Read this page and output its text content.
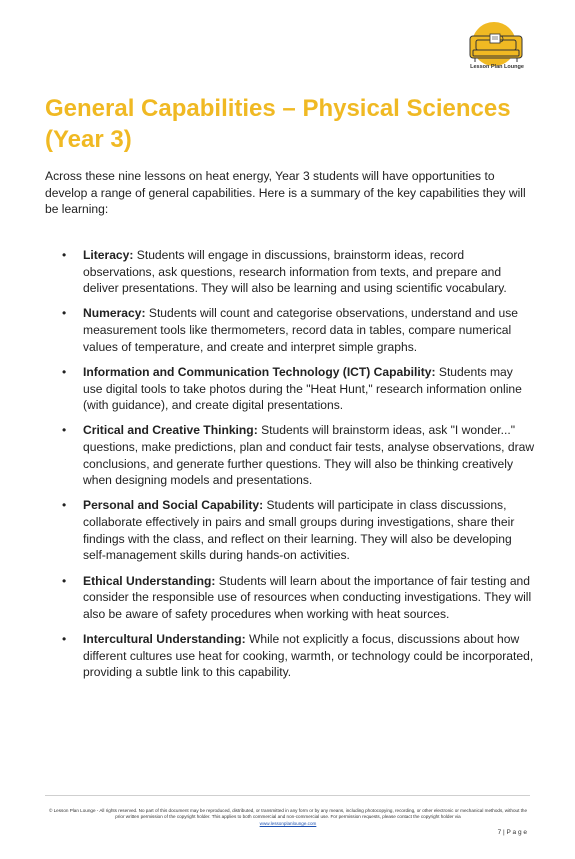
Lesson Plan Lounge
General Capabilities – Physical Sciences (Year 3)

Across these nine lessons on heat energy, Year 3 students will have opportunities to develop a range of general capabilities. Here is a summary of the key capabilities they will be learning:

• Literacy: Students will engage in discussions, brainstorm ideas, record observations, ask questions, research information from texts, and prepare and deliver presentations. They will also be learning and using scientific vocabulary.
• Numeracy: Students will count and categorise observations, understand and use measurement tools like thermometers, record data in tables, compare numerical values of temperature, and create and interpret simple graphs.
• Information and Communication Technology (ICT) Capability: Students may use digital tools to take photos during the "Heat Hunt," research information online (with guidance), and create digital presentations.
• Critical and Creative Thinking: Students will brainstorm ideas, ask "I wonder..." questions, make predictions, plan and conduct fair tests, analyse observations, draw conclusions, and generate further questions. They will also be thinking creatively when designing models and presentations.
• Personal and Social Capability: Students will participate in class discussions, collaborate effectively in pairs and small groups during investigations, share their findings with the class, and reflect on their learning. They will also be developing self-management skills during hands-on activities.
• Ethical Understanding: Students will learn about the importance of fair testing and consider the responsible use of resources when conducting investigations. They will also be aware of safety procedures when working with heat sources.
• Intercultural Understanding: While not explicitly a focus, discussions about how different cultures use heat for cooking, warmth, or technology could be incorporated, providing a subtle link to this capability.
© Lesson Plan Lounge - All rights reserved. No part of this document may be reproduced, distributed, or transmitted in any form or by any means, including photocopying, recording, or other electronic or mechanical methods, without the prior written permission of the copyright holder. This applies to both commercial and non-commercial use. For permission requests, please contact the copyright holder via
www.lessonplanlounge.com
7 | P a g e
